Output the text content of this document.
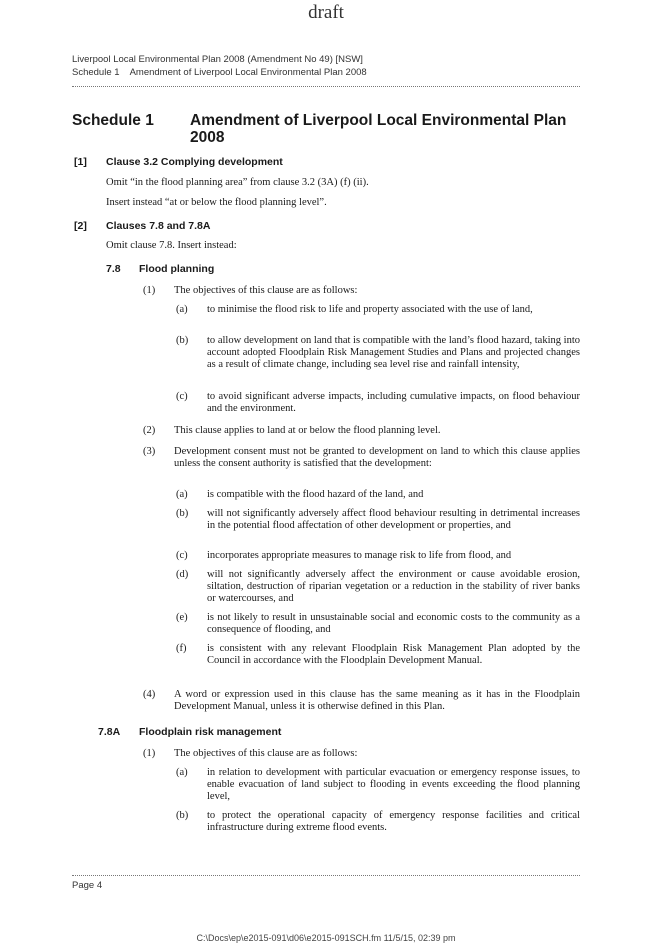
draft
Liverpool Local Environmental Plan 2008 (Amendment No 49) [NSW]
Schedule 1    Amendment of Liverpool Local Environmental Plan 2008
Schedule 1 Amendment of Liverpool Local Environmental Plan 2008
[1] Clause 3.2 Complying development
Omit “in the flood planning area” from clause 3.2 (3A) (f) (ii).
Insert instead “at or below the flood planning level”.
[2] Clauses 7.8 and 7.8A
Omit clause 7.8. Insert instead:
7.8 Flood planning
(1) The objectives of this clause are as follows:
(a) to minimise the flood risk to life and property associated with the use of land,
(b) to allow development on land that is compatible with the land’s flood hazard, taking into account adopted Floodplain Risk Management Studies and Plans and projected changes as a result of climate change, including sea level rise and rainfall intensity,
(c) to avoid significant adverse impacts, including cumulative impacts, on flood behaviour and the environment.
(2) This clause applies to land at or below the flood planning level.
(3) Development consent must not be granted to development on land to which this clause applies unless the consent authority is satisfied that the development:
(a) is compatible with the flood hazard of the land, and
(b) will not significantly adversely affect flood behaviour resulting in detrimental increases in the potential flood affectation of other development or properties, and
(c) incorporates appropriate measures to manage risk to life from flood, and
(d) will not significantly adversely affect the environment or cause avoidable erosion, siltation, destruction of riparian vegetation or a reduction in the stability of river banks or watercourses, and
(e) is not likely to result in unsustainable social and economic costs to the community as a consequence of flooding, and
(f) is consistent with any relevant Floodplain Risk Management Plan adopted by the Council in accordance with the Floodplain Development Manual.
(4) A word or expression used in this clause has the same meaning as it has in the Floodplain Development Manual, unless it is otherwise defined in this Plan.
7.8A Floodplain risk management
(1) The objectives of this clause are as follows:
(a) in relation to development with particular evacuation or emergency response issues, to enable evacuation of land subject to flooding in events exceeding the flood planning level,
(b) to protect the operational capacity of emergency response facilities and critical infrastructure during extreme flood events.
Page 4
C:\Docs\ep\e2015-091\d06\e2015-091SCH.fm 11/5/15, 02:39 pm
